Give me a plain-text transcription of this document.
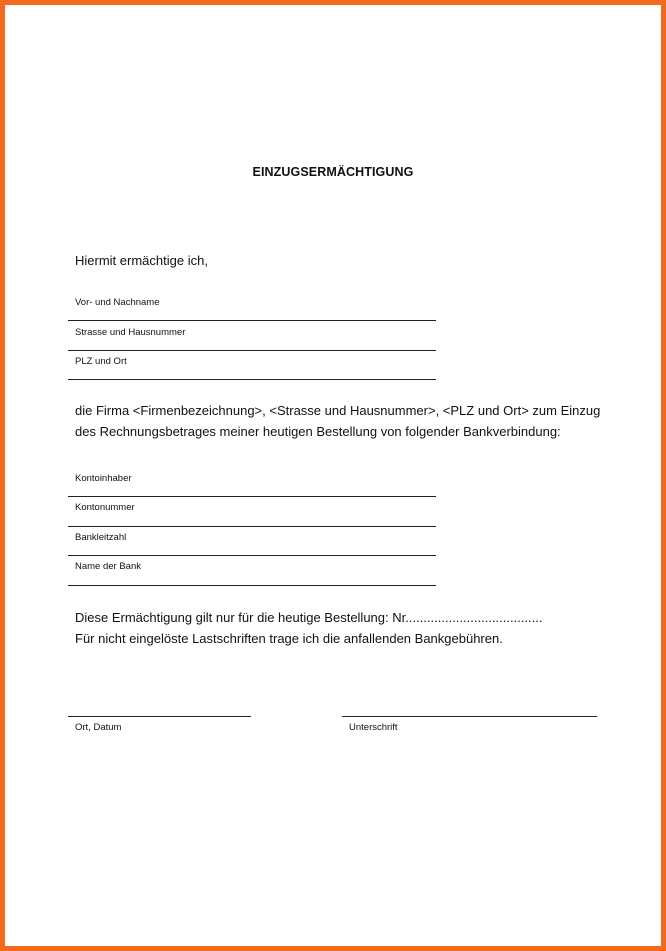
EINZUGSERMÄCHTIGUNG
Hiermit ermächtige ich,
Vor- und Nachname
Strasse und Hausnummer
PLZ und Ort
die Firma <Firmenbezeichnung>, <Strasse und Hausnummer>, <PLZ und Ort> zum Einzug
des Rechnungsbetrages meiner heutigen Bestellung von folgender Bankverbindung:
Kontoinhaber
Kontonummer
Bankleitzahl
Name der Bank
Diese Ermächtigung gilt nur für die heutige Bestellung: Nr......................................
Für nicht eingelöste Lastschriften trage ich die anfallenden Bankgebühren.
Ort, Datum	Unterschrift
